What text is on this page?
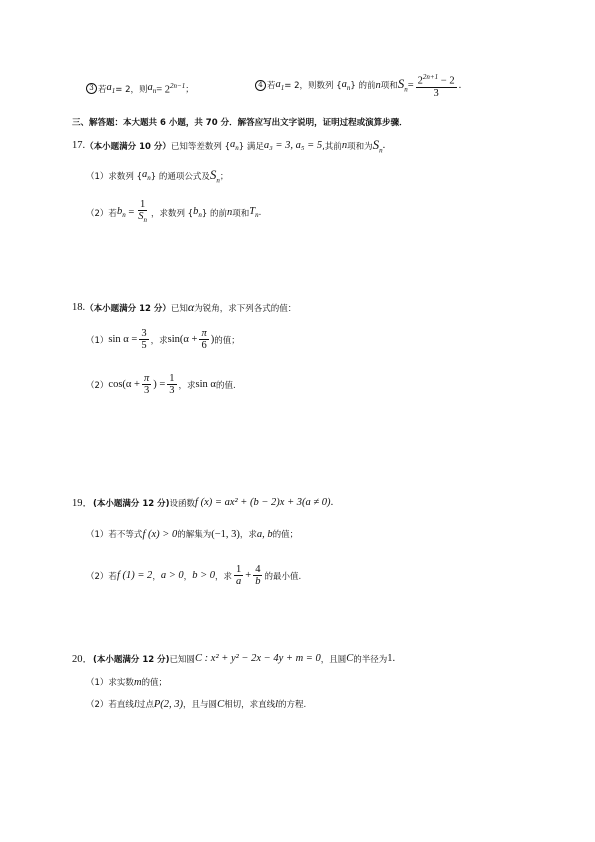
3 若 $a_1 = 2$，则 $a_n = 2^{2n-1}$ ；	4 若 $a_1 = 2$，则数列 { $a_n$ } 的前 n 项和 $S_n = \frac{2^{2n+1} - 2}{3}$ .
三、解答题：本大题共 6 小题，共 70 分．解答应写出文字说明，证明过程或演算步骤．
17. （本小题满分 10 分） 已知等差数列 { $a_n$ } 满足 a₃ = 3, a₅ = 5 ,其前 n 项和为 $S_n$ .
（1） 求数列 { $a_n$ } 的通项公式及 $S_n$ ；
（2） 若 $b_n = \frac{1}{S_n}$ ，求数列 { $b_n$ } 的前 n 项和 $T_n$ .
18. （本小题满分 12 分） 已知 α 为锐角，求下列各式的值：
（1） $\sin \alpha = \frac{3}{5}$ ，求 $\sin(\alpha + \frac{\pi}{6}$ ) 的值；
（2） $\cos(\alpha + \frac{\pi}{3}$ ) = $\frac{1}{3}$ ，求 sin α 的值.
19． (本小题满分 12 分) 设函数 f (x) = ax² + (b − 2)x + 3(a ≠ 0) .
（1） 若不等式 f (x) > 0 的解集为 (−1, 3) ，求 a, b 的值；
（2） 若 f (1) = 2 ， a > 0 ， b > 0 ，求 $\frac{1}{a} + \frac{4}{b}$ 的最小值.
20． (本小题满分 12 分) 已知圆 C : x² + y² − 2x − 4y + m = 0 ，且圆 C 的半径为 1 .
（1） 求实数 m 的值；
（2） 若直线 l 过点 P(2, 3) ，且与圆 C 相切，求直线 l 的方程.
